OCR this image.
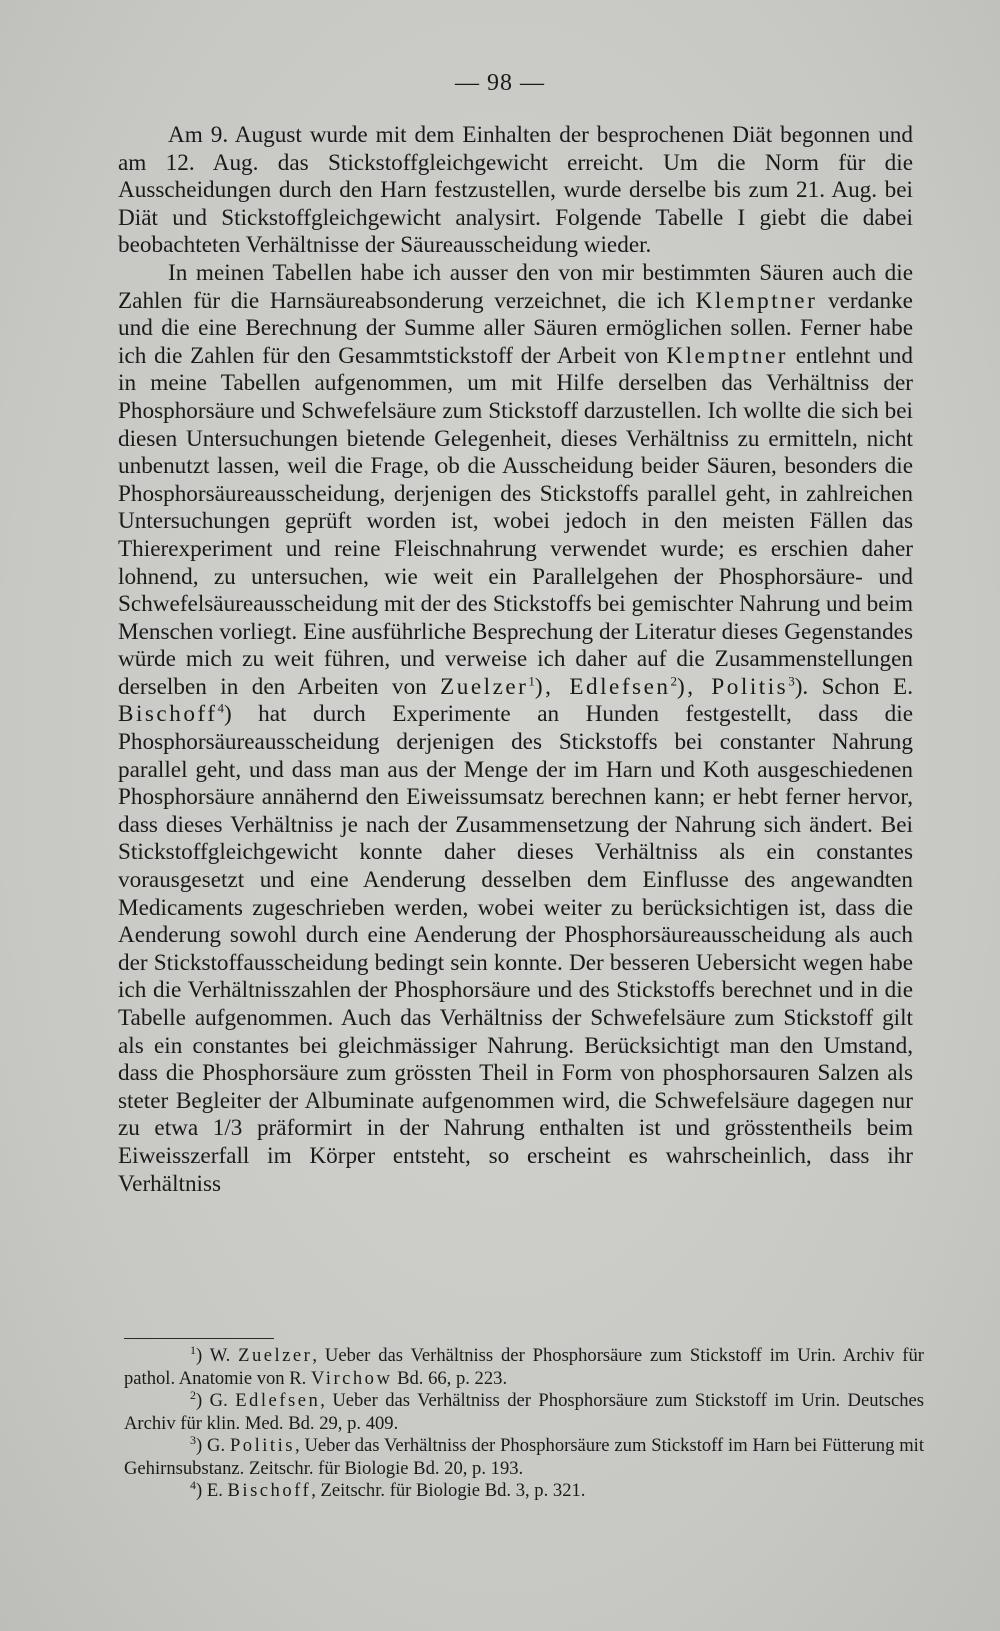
— 98 —

Am 9. August wurde mit dem Einhalten der besprochenen Diät begonnen und am 12. Aug. das Stickstoffgleichgewicht erreicht. Um die Norm für die Ausscheidungen durch den Harn festzustellen, wurde derselbe bis zum 21. Aug. bei Diät und Stickstoffgleichgewicht analysirt. Folgende Tabelle I giebt die dabei beobachteten Verhältnisse der Säureausscheidung wieder.

In meinen Tabellen habe ich ausser den von mir bestimmten Säuren auch die Zahlen für die Harnsäureabsonderung verzeichnet, die ich Klemptner verdanke und die eine Berechnung der Summe aller Säuren ermöglichen sollen. Ferner habe ich die Zahlen für den Gesammtstickstoff der Arbeit von Klemptner entlehnt und in meine Tabellen aufgenommen, um mit Hilfe derselben das Verhältniss der Phosphorsäure und Schwefelsäure zum Stickstoff darzustellen. Ich wollte die sich bei diesen Untersuchungen bietende Gelegenheit, dieses Verhältniss zu ermitteln, nicht unbenutzt lassen, weil die Frage, ob die Ausscheidung beider Säuren, besonders die Phosphorsäureausscheidung, derjenigen des Stickstoffs parallel geht, in zahlreichen Untersuchungen geprüft worden ist, wobei jedoch in den meisten Fällen das Thierexperiment und reine Fleischnahrung verwendet wurde; es erschien daher lohnend, zu untersuchen, wie weit ein Parallelgehen der Phosphorsäure- und Schwefelsäureausscheidung mit der des Stickstoffs bei gemischter Nahrung und beim Menschen vorliegt. Eine ausführliche Besprechung der Literatur dieses Gegenstandes würde mich zu weit führen, und verweise ich daher auf die Zusammenstellungen derselben in den Arbeiten von Zuelzer$^1$), Edlefsen$^2$), Politis$^3$). Schon E. Bischoff$^4$) hat durch Experimente an Hunden festgestellt, dass die Phosphorsäureausscheidung derjenigen des Stickstoffs bei constanter Nahrung parallel geht, und dass man aus der Menge der im Harn und Koth ausgeschiedenen Phosphorsäure annähernd den Eiweissumsatz berechnen kann; er hebt ferner hervor, dass dieses Verhältniss je nach der Zusammensetzung der Nahrung sich ändert. Bei Stickstoffgleichgewicht konnte daher dieses Verhältniss als ein constantes vorausgesetzt und eine Aenderung desselben dem Einflusse des angewandten Medicaments zugeschrieben werden, wobei weiter zu berücksichtigen ist, dass die Aenderung sowohl durch eine Aenderung der Phosphorsäureausscheidung als auch der Stickstoffausscheidung bedingt sein konnte. Der besseren Uebersicht wegen habe ich die Verhältnisszahlen der Phosphorsäure und des Stickstoffs berechnet und in die Tabelle aufgenommen. Auch das Verhältniss der Schwefelsäure zum Stickstoff gilt als ein constantes bei gleichmässiger Nahrung. Berücksichtigt man den Umstand, dass die Phosphorsäure zum grössten Theil in Form von phosphorsauren Salzen als steter Begleiter der Albuminate aufgenommen wird, die Schwefelsäure dagegen nur zu etwa 1/3 präformirt in der Nahrung enthalten ist und grösstentheils beim Eiweisszerfall im Körper entsteht, so erscheint es wahrscheinlich, dass ihr Verhältniss

$^1$) W. Zuelzer, Ueber das Verhältniss der Phosphorsäure zum Stickstoff im Urin. Archiv für pathol. Anatomie von R. Virchow Bd. 66, p. 223.

$^2$) G. Edlefsen, Ueber das Verhältniss der Phosphorsäure zum Stickstoff im Urin. Deutsches Archiv für klin. Med. Bd. 29, p. 409.

$^3$) G. Politis, Ueber das Verhältniss der Phosphorsäure zum Stickstoff im Harn bei Fütterung mit Gehirnsubstanz. Zeitschr. für Biologie Bd. 20, p. 193.

$^4$) E. Bischoff, Zeitschr. für Biologie Bd. 3, p. 321.
